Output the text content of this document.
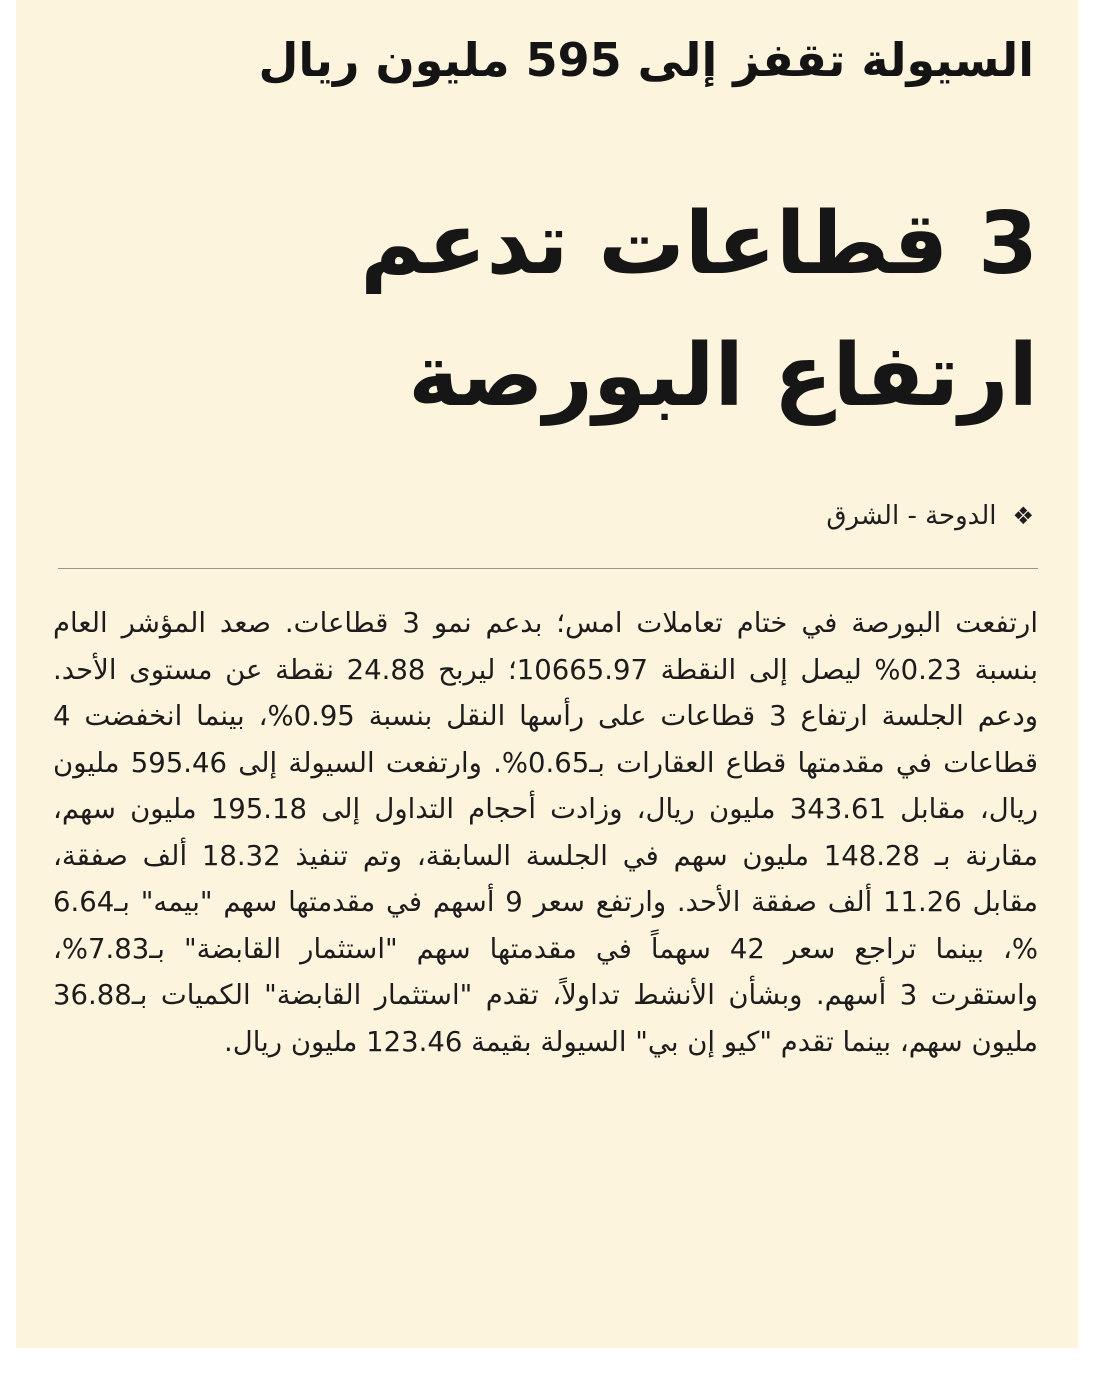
السيولة تقفز إلى 595 مليون ريال
3 قطاعات تدعم ارتفاع البورصة
❖الدوحة - الشرق

ارتفعت البورصة في ختام تعاملات امس؛ بدعم نمو 3 قطاعات. صعد المؤشر العام بنسبة 0.23% ليصل إلى النقطة 10665.97؛ ليربح 24.88 نقطة عن مستوى الأحد. ودعم الجلسة ارتفاع 3 قطاعات على رأسها النقل بنسبة 0.95%، بينما انخفضت 4 قطاعات في مقدمتها قطاع العقارات بـ0.65%. وارتفعت السيولة إلى 595.46 مليون ريال، مقابل 343.61 مليون ريال، وزادت أحجام التداول إلى 195.18 مليون سهم، مقارنة بـ 148.28 مليون سهم في الجلسة السابقة، وتم تنفيذ 18.32 ألف صفقة، مقابل 11.26 ألف صفقة الأحد. وارتفع سعر 9 أسهم في مقدمتها سهم "بيمه" بـ6.64 %، بينما تراجع سعر 42 سهماً في مقدمتها سهم "استثمار القابضة" بـ7.83%، واستقرت 3 أسهم. وبشأن الأنشط تداولاً، تقدم "استثمار القابضة" الكميات بـ36.88 مليون سهم، بينما تقدم "كيو إن بي" السيولة بقيمة 123.46 مليون ريال.
